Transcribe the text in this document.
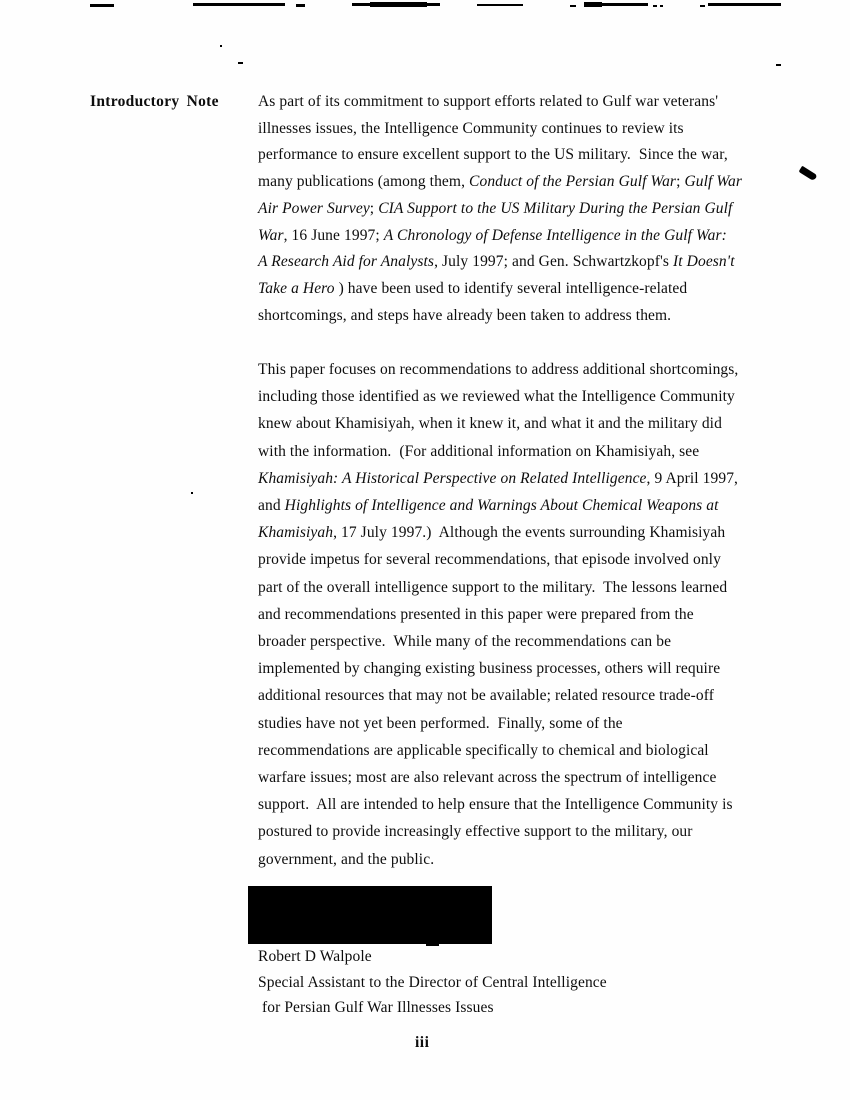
Introductory Note	As part of its commitment to support efforts related to Gulf war veterans'
illnesses issues, the Intelligence Community continues to review its
performance to ensure excellent support to the US military.  Since the war,
many publications (among them, Conduct of the Persian Gulf War; Gulf War
Air Power Survey; CIA Support to the US Military During the Persian Gulf
War, 16 June 1997; A Chronology of Defense Intelligence in the Gulf War:
A Research Aid for Analysts, July 1997; and Gen. Schwartzkopf's It Doesn't
Take a Hero ) have been used to identify several intelligence-related
shortcomings, and steps have already been taken to address them.
This paper focuses on recommendations to address additional shortcomings,
including those identified as we reviewed what the Intelligence Community
knew about Khamisiyah, when it knew it, and what it and the military did
with the information.  (For additional information on Khamisiyah, see
Khamisiyah: A Historical Perspective on Related Intelligence, 9 April 1997,
and Highlights of Intelligence and Warnings About Chemical Weapons at
Khamisiyah, 17 July 1997.)  Although the events surrounding Khamisiyah
provide impetus for several recommendations, that episode involved only
part of the overall intelligence support to the military.  The lessons learned
and recommendations presented in this paper were prepared from the
broader perspective.  While many of the recommendations can be
implemented by changing existing business processes, others will require
additional resources that may not be available; related resource trade-off
studies have not yet been performed.  Finally, some of the
recommendations are applicable specifically to chemical and biological
warfare issues; most are also relevant across the spectrum of intelligence
support.  All are intended to help ensure that the Intelligence Community is
postured to provide increasingly effective support to the military, our
government, and the public.
Robert D Walpole
Special Assistant to the Director of Central Intelligence
for Persian Gulf War Illnesses Issues
iii
